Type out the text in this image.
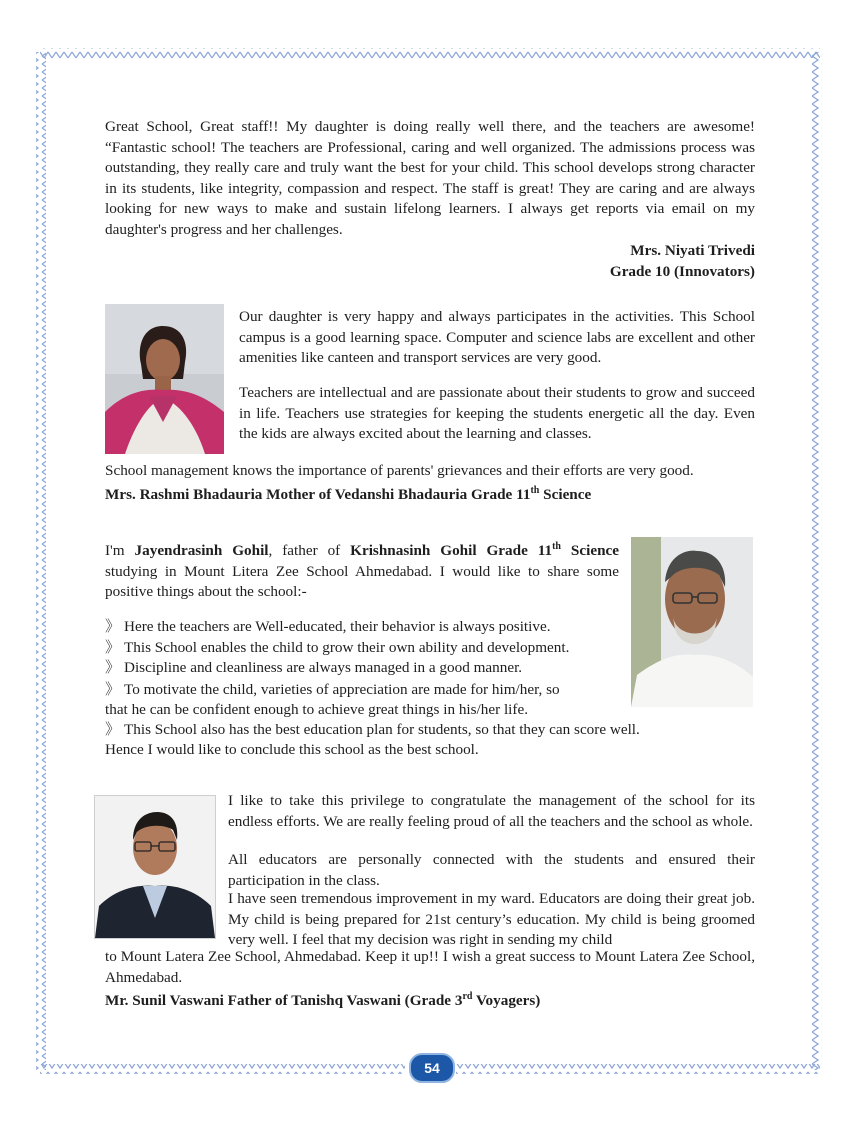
Great School, Great staff!! My daughter is doing really well there, and the teachers are awesome! “Fantastic school! The teachers are Professional, caring and well organized. The admissions process was outstanding, they really care and truly want the best for your child. This school develops strong character in its students, like integrity, compassion and respect. The staff is great! They are caring and are always looking for new ways to make and sustain lifelong learners. I always get reports via email on my daughter's progress and her challenges.
Mrs. Niyati Trivedi
Grade 10 (Innovators)
Our daughter is very happy and always participates in the activities. This School campus is a good learning space. Computer and science labs are excellent and other amenities like canteen and transport services are very good.
Teachers are intellectual and are passionate about their students to grow and succeed in life. Teachers use strategies for keeping the students energetic all the day. Even the kids are always excited about the learning and classes.
School management knows the importance of parents' grievances and their efforts are very good.
Mrs. Rashmi Bhadauria Mother of Vedanshi Bhadauria Grade 11th Science
I'm Jayendrasinh Gohil, father of Krishnasinh Gohil Grade 11th Science studying in Mount Litera Zee School Ahmedabad. I would like to share some positive things about the school:-
》 Here the teachers are Well-educated, their behavior is always positive.
》 This School enables the child to grow their own ability and development.
》 Discipline and cleanliness are always managed in a good manner.
》 To motivate the child, varieties of appreciation are made for him/her, so
that he can be confident enough to achieve great things in his/her life.
》 This School also has the best education plan for students, so that they can score well.
Hence I would like to conclude this school as the best school.
I like to take this privilege to congratulate the management of the school for its endless efforts. We are really feeling proud of all the teachers and the school as whole.
All educators are personally connected with the students and ensured their participation in the class.
I have seen tremendous improvement in my ward. Educators are doing their great job. My child is being prepared for 21st century’s education. My child is being groomed very well. I feel that my decision was right in sending my child
to Mount Latera Zee School, Ahmedabad. Keep it up!! I wish a great success to Mount Latera Zee School, Ahmedabad.
Mr. Sunil Vaswani Father of Tanishq Vaswani (Grade 3rd Voyagers)
54
